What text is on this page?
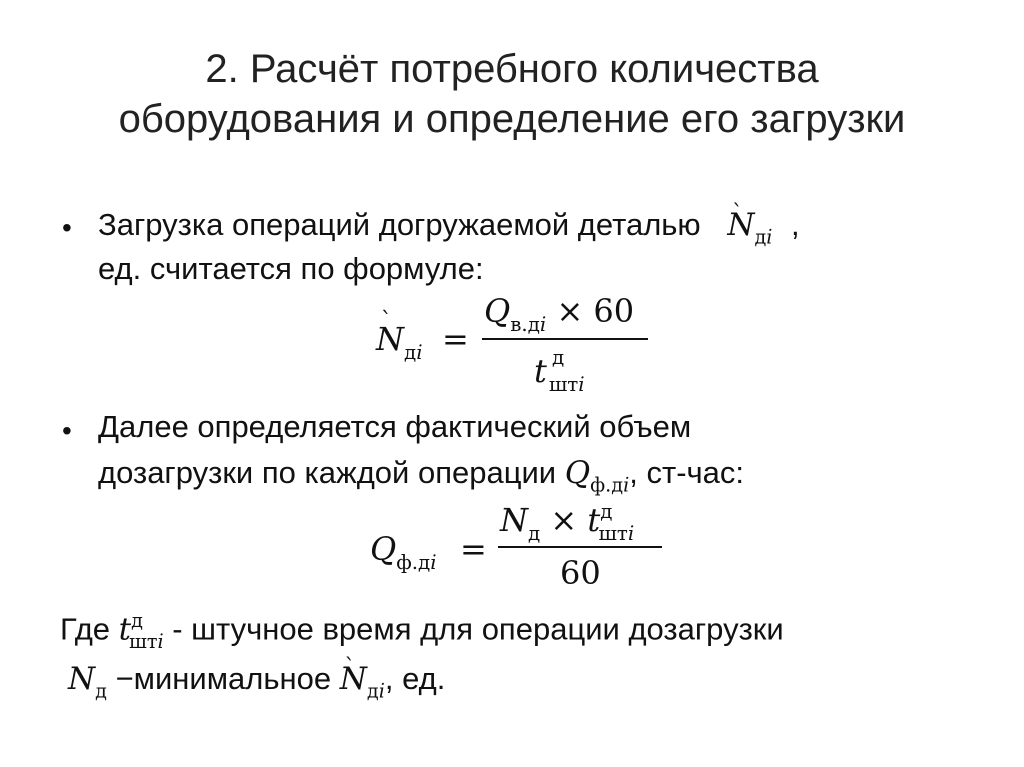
2. Расчёт потребного количества
оборудования и определение его загрузки
• Загрузка операций догружаемой деталью N $`_{дi}$ ,
ед. считается по формуле:
N $`_{дi}$ =
$Q_{в.дi} \times 60$
t д
$_{штi}$
• Далее определяется фактический объем
дозагрузки по каждой операции $Q_{ф.дi}$, ст-час:
$Q_{ф.дi}$ =
$N_д \times t^д_{штi}$
60
Где $t^д_{штi}$ - штучное время для операции дозагрузки
$N_д$ −минимальное N $`_{дi}$, ед.
